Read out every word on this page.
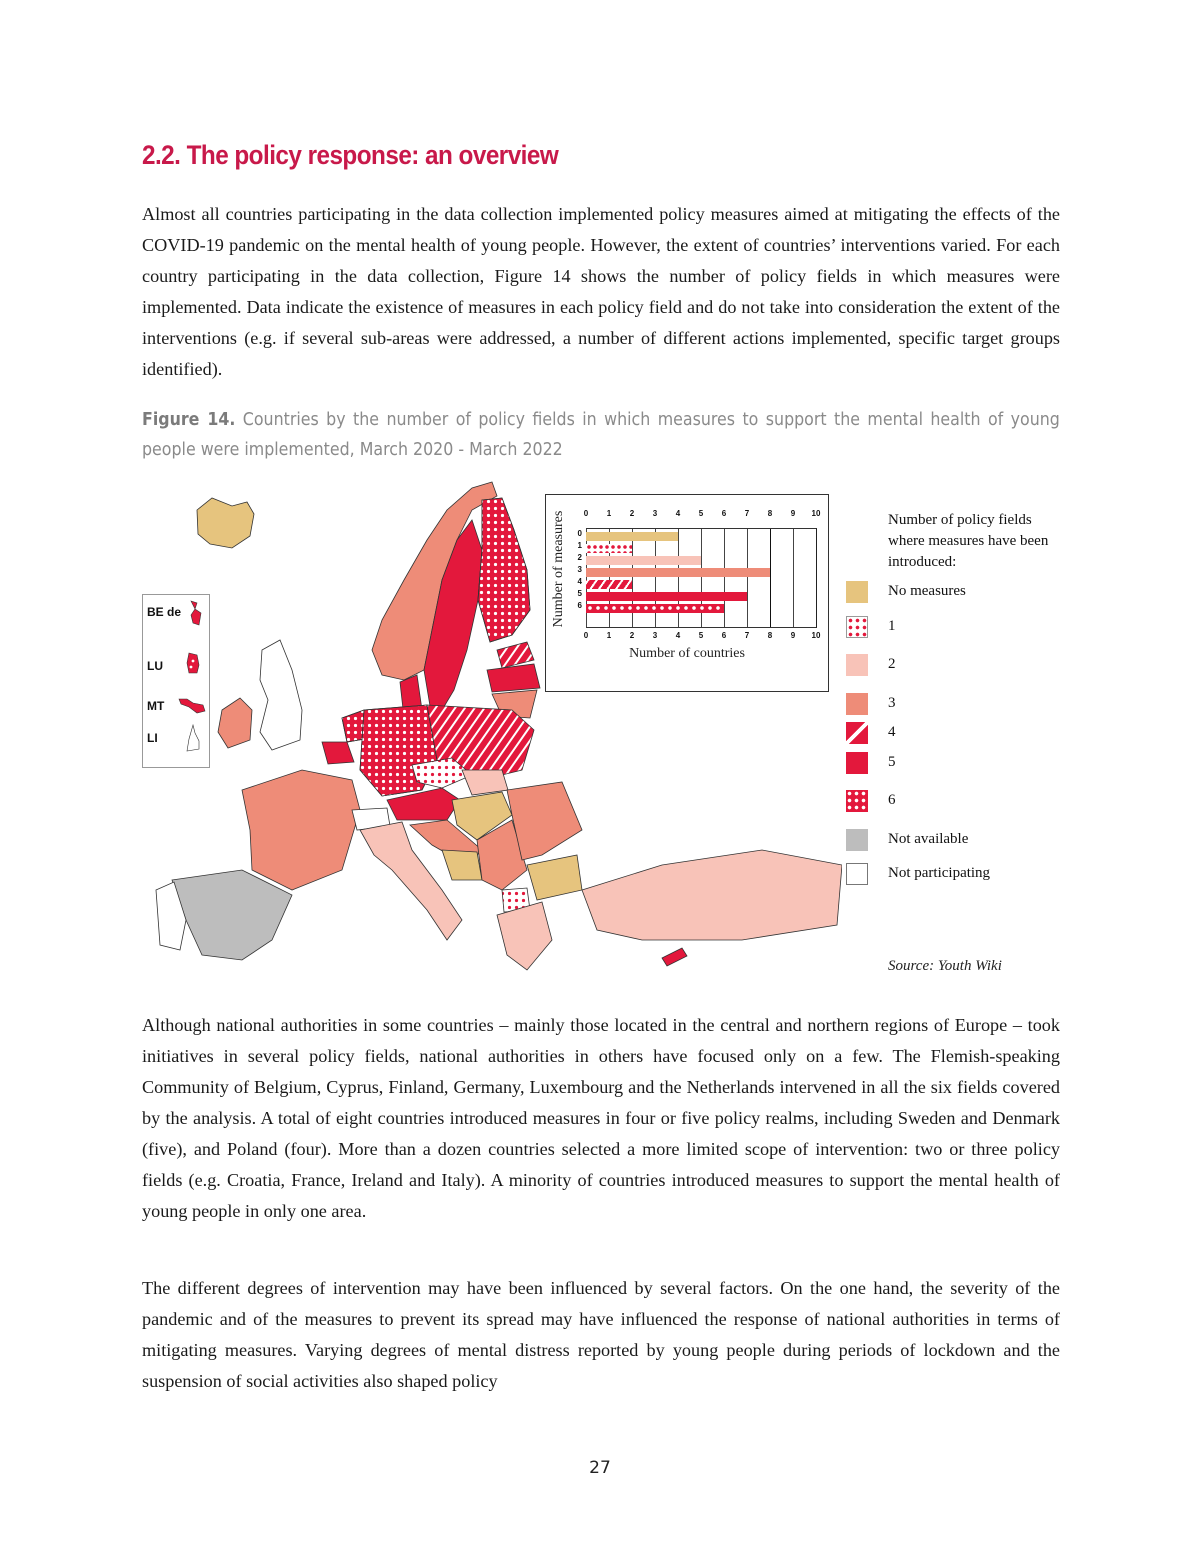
2.2. The policy response: an overview

Almost all countries participating in the data collection implemented policy measures aimed at mitigating the effects of the COVID-19 pandemic on the mental health of young people. However, the extent of countries’ interventions varied. For each country participating in the data collection, Figure 14 shows the number of policy fields in which measures were implemented. Data indicate the existence of measures in each policy field and do not take into consideration the extent of the interventions (e.g. if several sub-areas were addressed, a number of different actions implemented, specific target groups identified).

Figure 14. Countries by the number of policy fields in which measures to support the mental health of young people were implemented, March 2020 - March 2022

BE de
LU
MT
LI
Number of measures	0	1	2	3	4	5	6	7	8	9	10
0
1
2
3
4
5
6
0	1	2	3	4	5	6	7	8	9	10
Number of countries
Number of policy fields where measures have been introduced:
No measures
1
2
3
4
5
6
Not available
Not participating
Source: Youth Wiki

Although national authorities in some countries – mainly those located in the central and northern regions of Europe – took initiatives in several policy fields, national authorities in others have focused only on a few. The Flemish-speaking Community of Belgium, Cyprus, Finland, Germany, Luxembourg and the Netherlands intervened in all the six fields covered by the analysis. A total of eight countries introduced measures in four or five policy realms, including Sweden and Denmark (five), and Poland (four). More than a dozen countries selected a more limited scope of intervention: two or three policy fields (e.g. Croatia, France, Ireland and Italy). A minority of countries introduced measures to support the mental health of young people in only one area.

The different degrees of intervention may have been influenced by several factors. On the one hand, the severity of the pandemic and of the measures to prevent its spread may have influenced the response of national authorities in terms of mitigating measures. Varying degrees of mental distress reported by young people during periods of lockdown and the suspension of social activities also shaped policy

27
